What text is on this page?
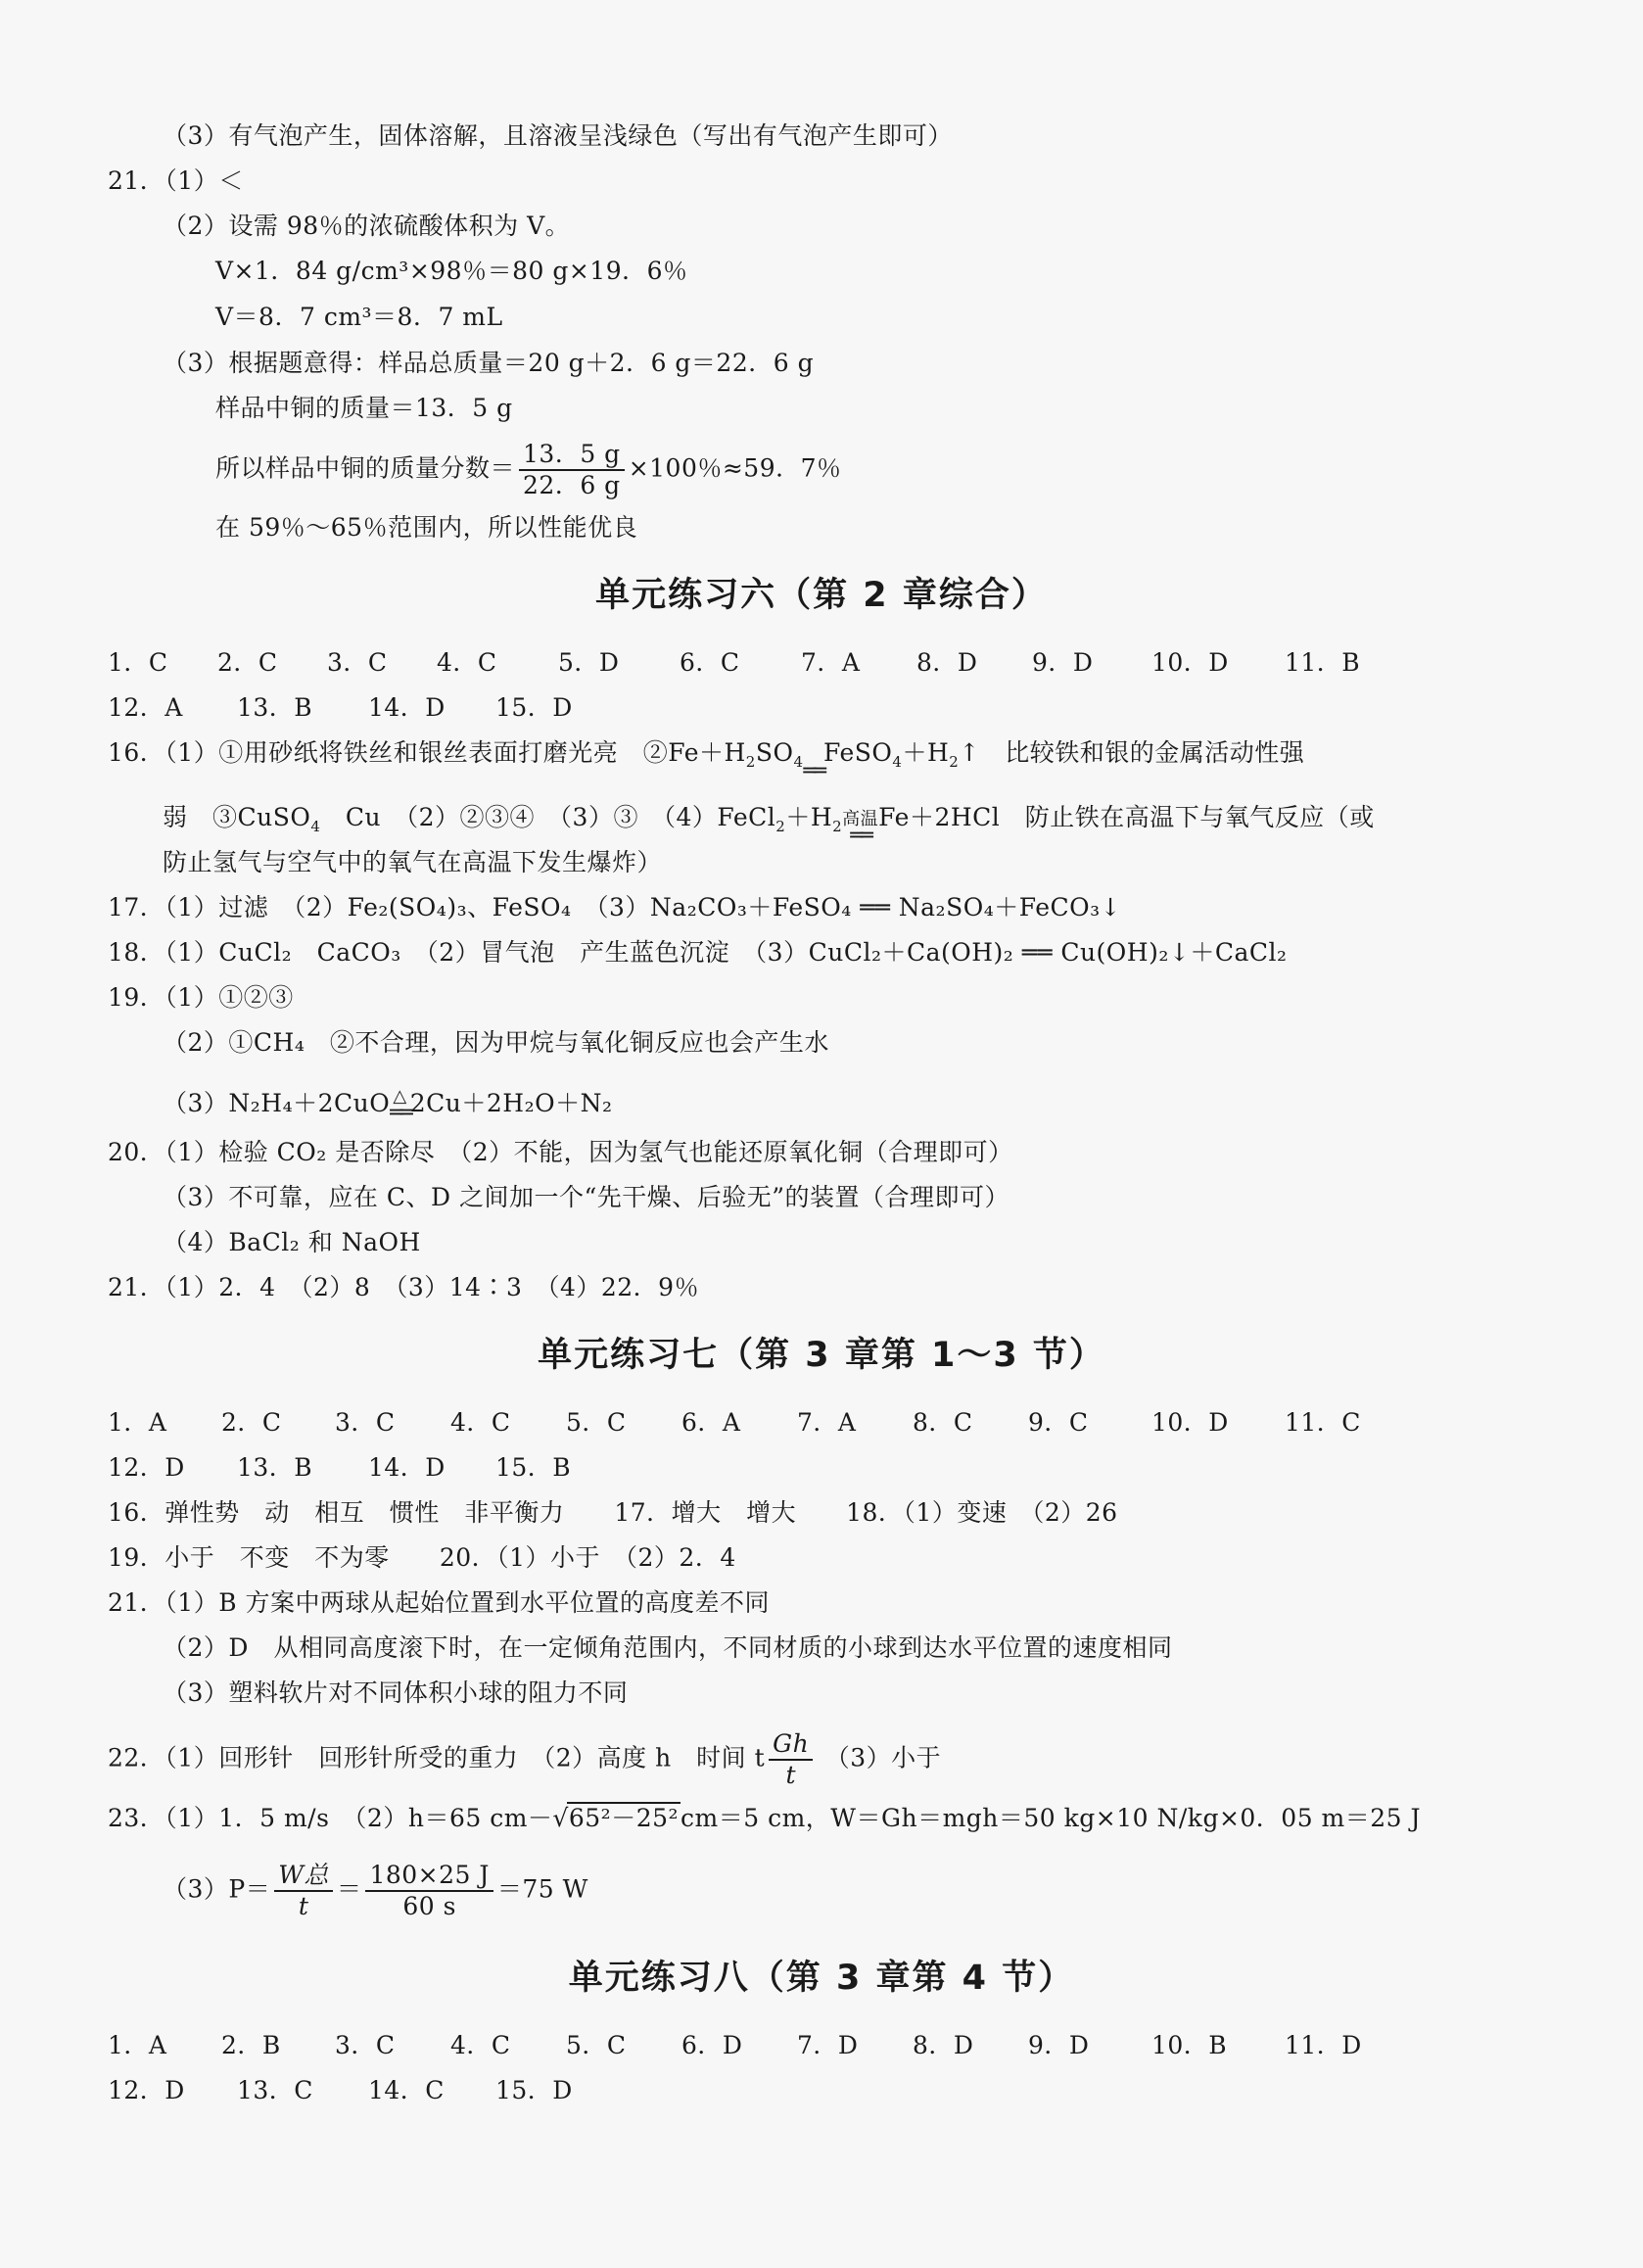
（3）有气泡产生，固体溶解，且溶液呈浅绿色（写出有气泡产生即可）
21．（1）＜
（2）设需 98％的浓硫酸体积为 V。
V×1．84 g/cm³×98％＝80 g×19．6％
V＝8．7 cm³＝8．7 mL
（3）根据题意得：样品总质量＝20 g＋2．6 g＝22．6 g
样品中铜的质量＝13．5 g
所以样品中铜的质量分数＝ $\frac{13.5 g}{22.6 g} \times 100$％≈59．7％
在 59％～65％范围内，所以性能优良
单元练习六（第 2 章综合）
1．C 2．C 3．C 4．C 5．D 6．C 7．A 8．D 9．D 10．D 11．B
12．A 13．B 14．D 15．D
16．（1）①用砂纸将铁丝和银丝表面打磨光亮　$②Fe+H_2SO_4$
══
$FeSO_4+H_2↑$　比较铁和银的金属活动性强
弱　③CuSO$_4$　Cu　（2）②③④　（3）③　$(4)FeCl_2+H_2$ 高温
══
Fe＋2HCl　防止铁在高温下与氧气反应（或
防止氢气与空气中的氧气在高温下发生爆炸）
17．（1）过滤　（2）Fe₂(SO₄)₃、FeSO₄　（3）Na₂CO₃＋FeSO₄ ══ Na₂SO₄＋FeCO₃↓
18．（1）CuCl₂　CaCO₃　（2）冒气泡　产生蓝色沉淀　（3）CuCl₂＋Ca(OH)₂ ══ Cu(OH)₂↓＋CaCl₂
19．（1）①②③
（2）①CH₄　②不合理，因为甲烷与氧化铜反应也会产生水
（3）N₂H₄＋2CuO △
══ 2Cu＋2H₂O＋N₂
20．（1）检验 CO₂ 是否除尽　（2）不能，因为氢气也能还原氧化铜（合理即可）
（3）不可靠，应在 C、D 之间加一个“先干燥、后验无”的装置（合理即可）
（4）BaCl₂ 和 NaOH
21．（1）2．4　（2）8　（3）14∶3　（4）22．9％
单元练习七（第 3 章第 1～3 节）
1．A 2．C 3．C 4．C 5．C 6．A 7．A 8．C 9．C	10．D 11．C
12．D 13．B 14．D 15．B
16．弹性势　动　相互　惯性　非平衡力　　17．增大　增大　　18．（1）变速　（2）26
19．小于　不变　不为零　　20．（1）小于　（2）2．4
21．（1）B 方案中两球从起始位置到水平位置的高度差不同
（2）D　从相同高度滚下时，在一定倾角范围内，不同材质的小球到达水平位置的速度相同
（3）塑料软片对不同体积小球的阻力不同
22．（1）回形针　回形针所受的重力　（2）高度 h　时间 t $\frac{Gh}{t} (3)$小于
23．（1）1．5 m/s　（2）h＝65 cm－√65²－25²cm＝5 cm，W＝Gh＝mgh＝50 kg×10 N/kg×0．05 m＝25 J
$(3)P= \frac{\text{W总}}{t} = \frac{180\times 25 J}{60 s} =75$ W
单元练习八（第 3 章第 4 节）
1．A 2．B 3．C 4．C 5．C 6．D 7．D 8．D 9．D	10．B 11．D
12．D 13．C 14．C 15．D
